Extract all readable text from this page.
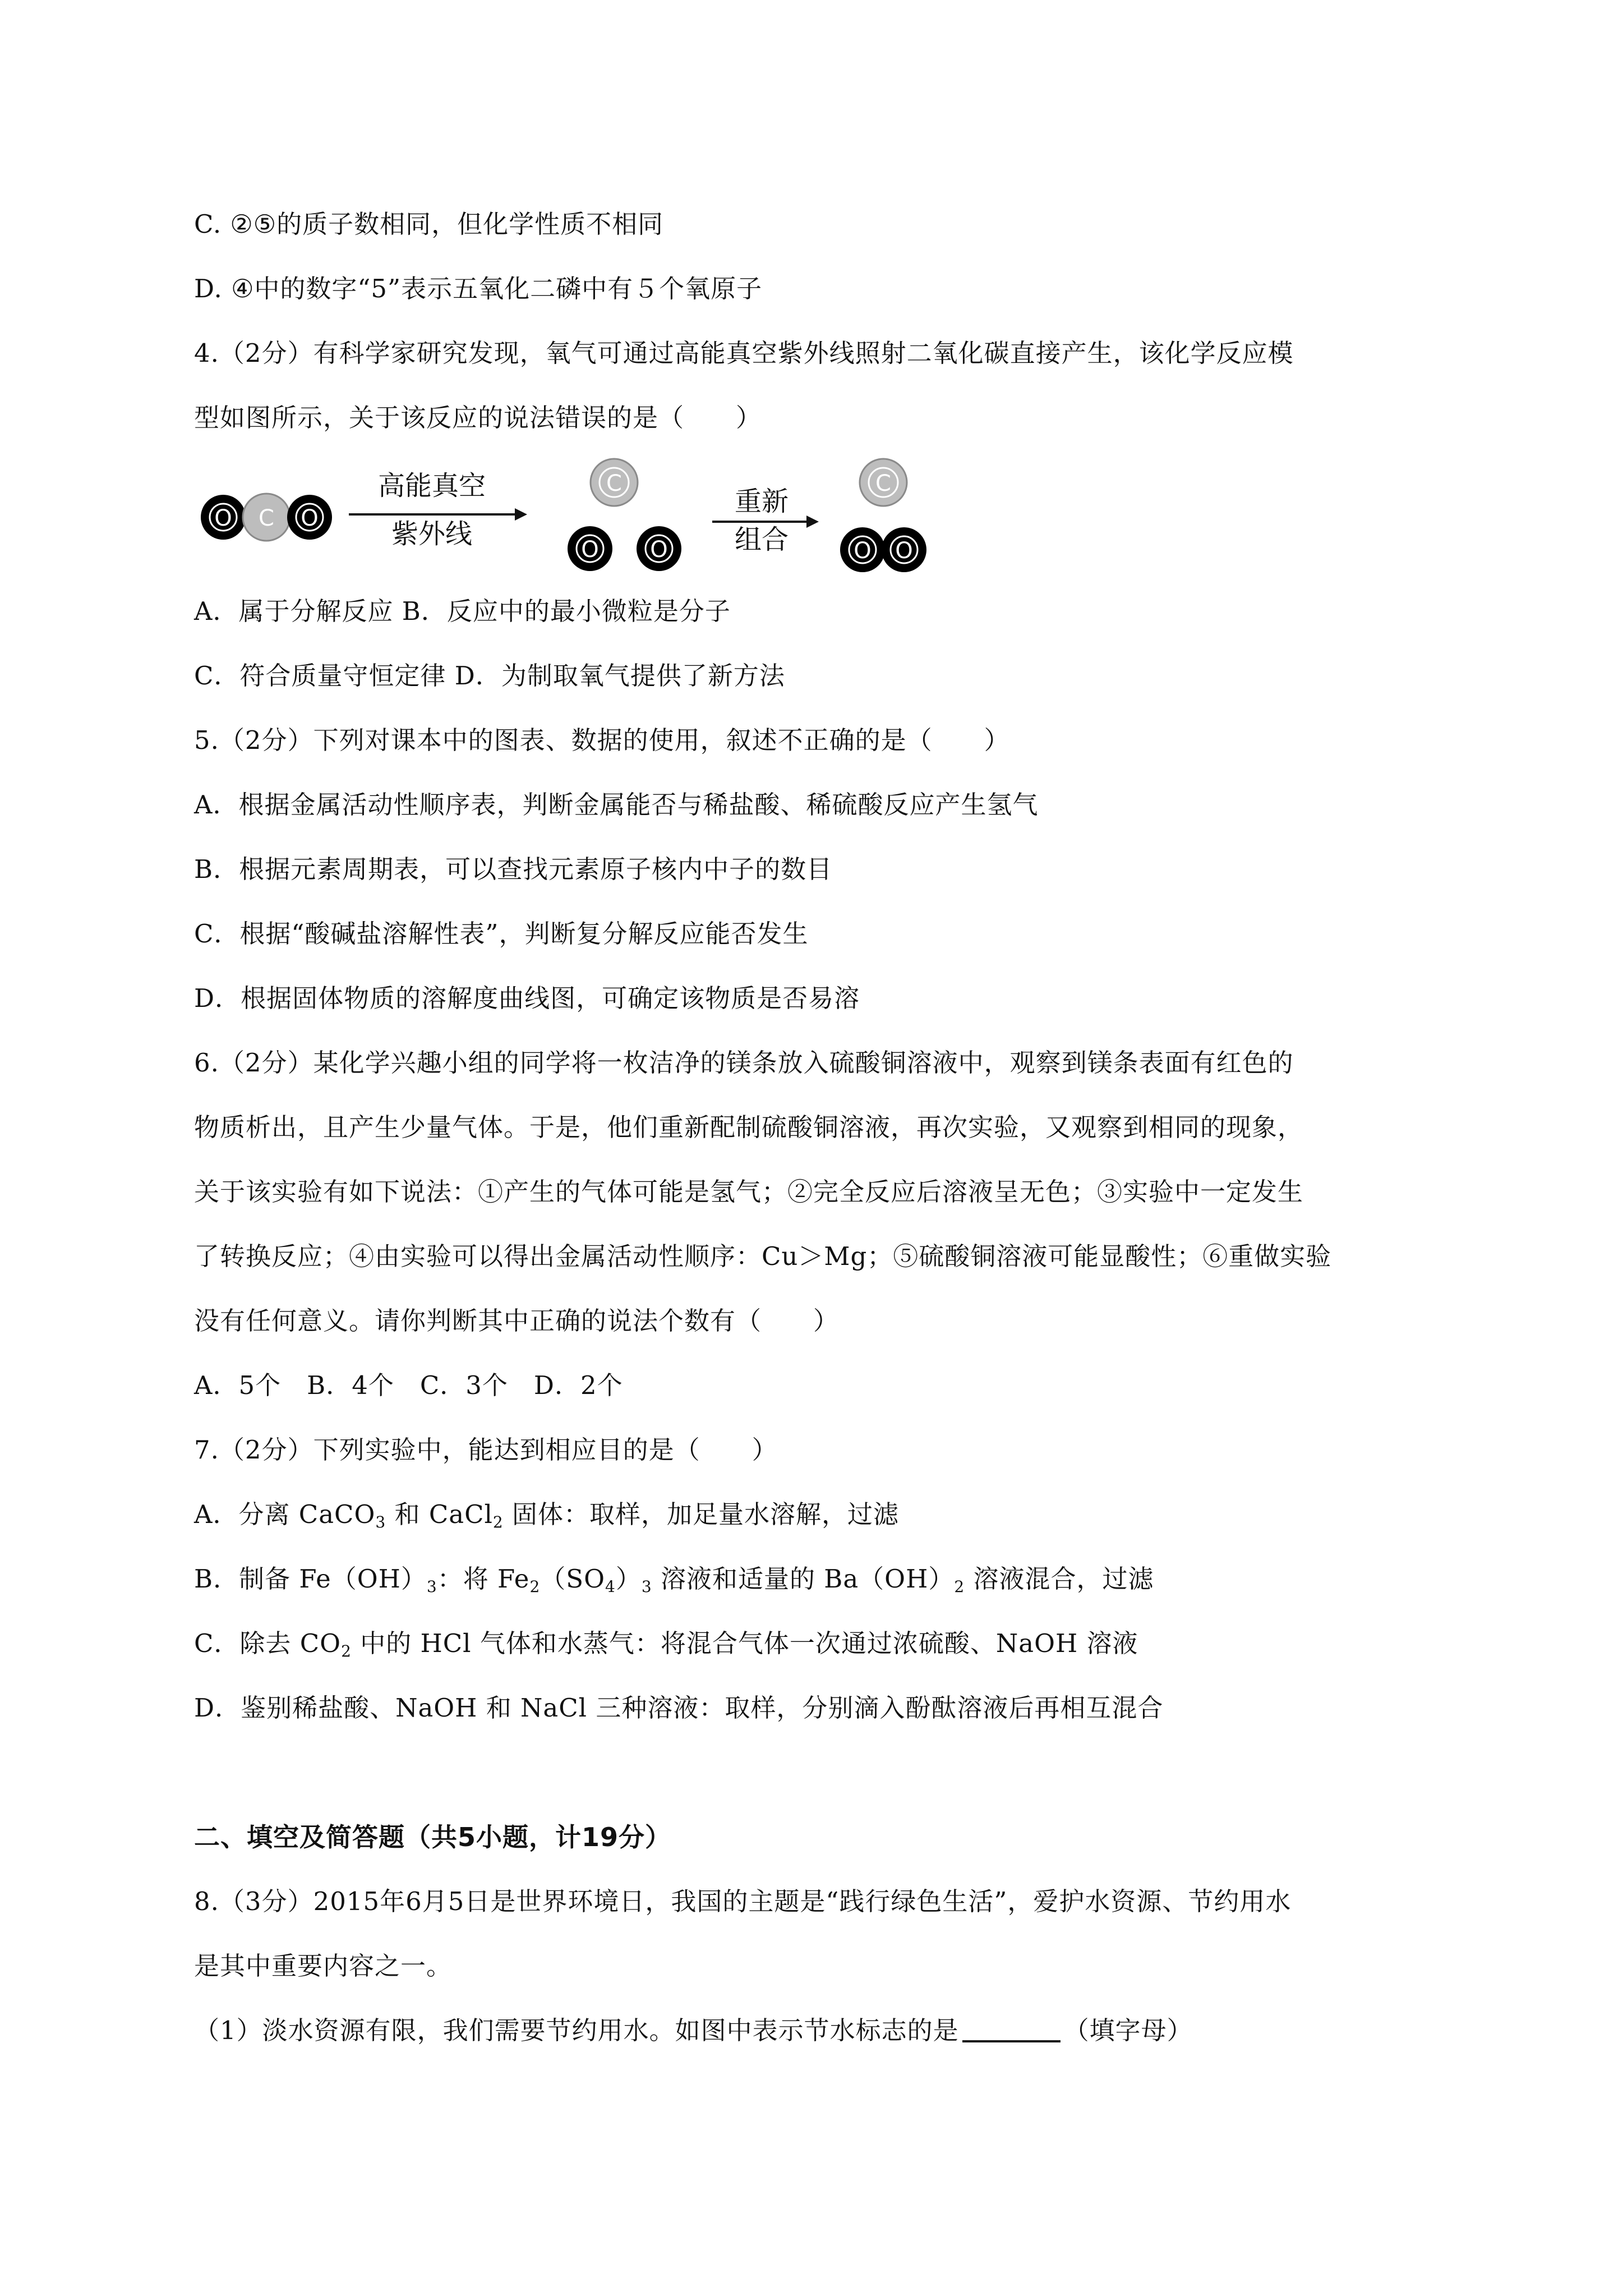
C. ②⑤的质子数相同，但化学性质不相同
D. ④中的数字“5”表示五氧化二磷中有５个氧原子
4.（2分）有科学家研究发现，氧气可通过高能真空紫外线照射二氧化碳直接产生，该化学反应模
型如图所示，关于该反应的说法错误的是（　　）
O C O
高能真空
紫外线
C
O O
重新
组合
C
O O
A．属于分解反应 B．反应中的最小微粒是分子
C．符合质量守恒定律 D．为制取氧气提供了新方法
5.（2分）下列对课本中的图表、数据的使用，叙述不正确的是（　　）
A．根据金属活动性顺序表，判断金属能否与稀盐酸、稀硫酸反应产生氢气
B．根据元素周期表，可以查找元素原子核内中子的数目
C．根据“酸碱盐溶解性表”，判断复分解反应能否发生
D．根据固体物质的溶解度曲线图，可确定该物质是否易溶
6.（2分）某化学兴趣小组的同学将一枚洁净的镁条放入硫酸铜溶液中，观察到镁条表面有红色的
物质析出，且产生少量气体。于是，他们重新配制硫酸铜溶液，再次实验，又观察到相同的现象，
关于该实验有如下说法：①产生的气体可能是氢气；②完全反应后溶液呈无色；③实验中一定发生
了转换反应；④由实验可以得出金属活动性顺序：Cu＞Mg；⑤硫酸铜溶液可能显酸性；⑥重做实验
没有任何意义。请你判断其中正确的说法个数有（　　）
A．5个　B．4个　C．3个　D．2个
7.（2分）下列实验中，能达到相应目的是（　　）
A．分离 CaCO$_3$ 和 CaCl$_2$ 固体：取样，加足量水溶解，过滤
B．制备 $Fe(OH)_3$：将 $Fe_2(SO_4)_3$ 溶液和适量的 $Ba(OH)_2$ 溶液混合，过滤
C．除去 $CO_2$ 中的 HCl 气体和水蒸气：将混合气体一次通过浓硫酸、NaOH 溶液
D．鉴别稀盐酸、NaOH 和 NaCl 三种溶液：取样，分别滴入酚酞溶液后再相互混合
二、填空及简答题（共5小题，计19分）
8.（3分）2015年6月5日是世界环境日，我国的主题是“践行绿色生活”，爱护水资源、节约用水
是其中重要内容之一。
（1）淡水资源有限，我们需要节约用水。如图中表示节水标志的是	（填字母）
